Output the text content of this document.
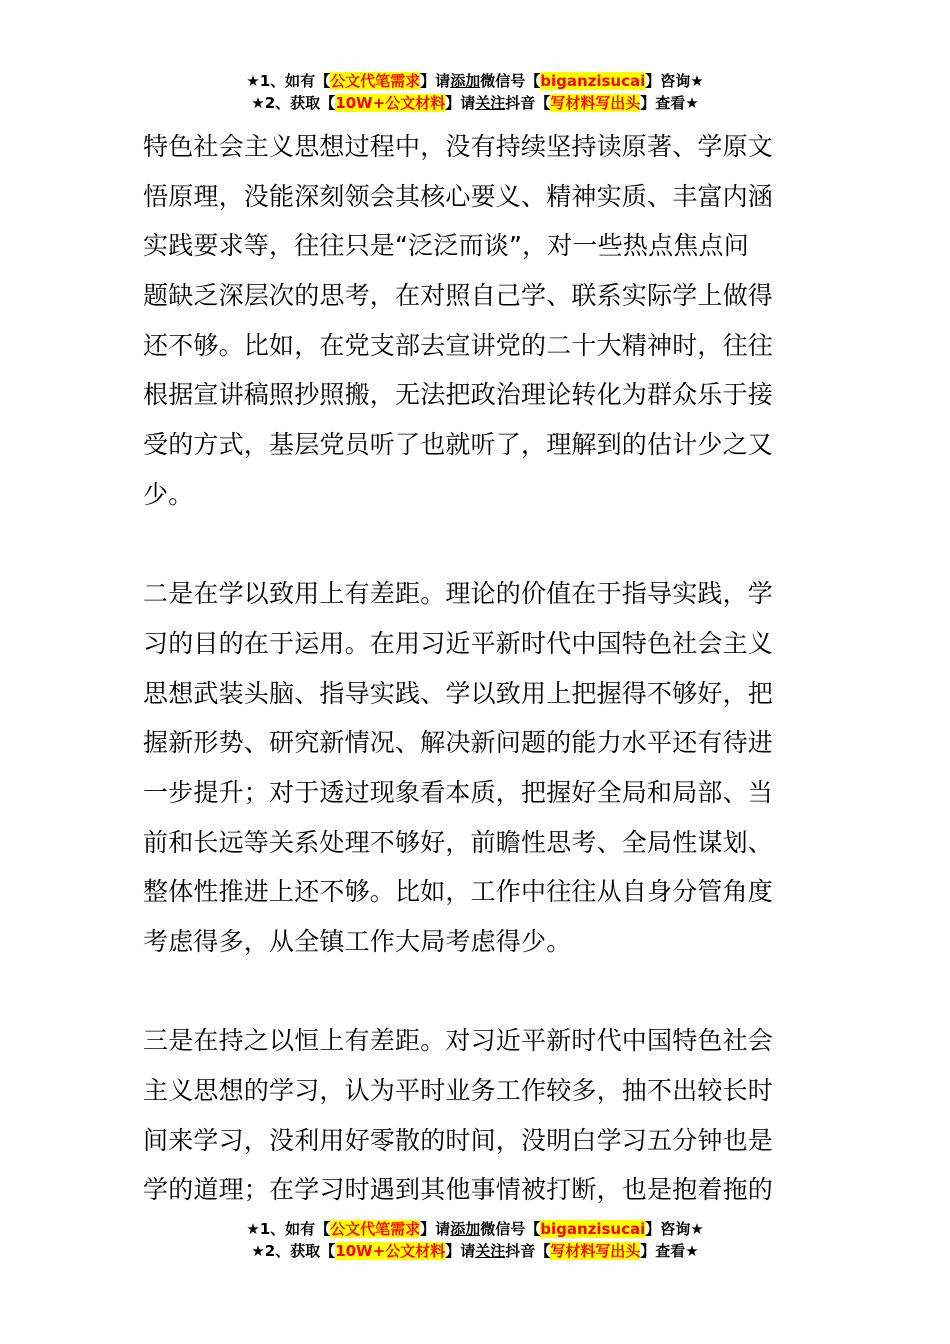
★1、如有【公文代笔需求】请添加微信号【biganzisucai】咨询★
★2、获取【10W+公文材料】请关注抖音【写材料写出头】查看★
特色社会主义思想过程中，没有持续坚持读原著、学原文
悟原理，没能深刻领会其核心要义、精神实质、丰富内涵
实践要求等，往往只是“泛泛而谈”，对一些热点焦点问
题缺乏深层次的思考，在对照自己学、联系实际学上做得
还不够。比如，在党支部去宣讲党的二十大精神时，往往
根据宣讲稿照抄照搬，无法把政治理论转化为群众乐于接
受的方式，基层党员听了也就听了，理解到的估计少之又
少。
二是在学以致用上有差距。理论的价值在于指导实践，学
习的目的在于运用。在用习近平新时代中国特色社会主义
思想武装头脑、指导实践、学以致用上把握得不够好，把
握新形势、研究新情况、解决新问题的能力水平还有待进
一步提升；对于透过现象看本质，把握好全局和局部、当
前和长远等关系处理不够好，前瞻性思考、全局性谋划、
整体性推进上还不够。比如，工作中往往从自身分管角度
考虑得多，从全镇工作大局考虑得少。
三是在持之以恒上有差距。对习近平新时代中国特色社会
主义思想的学习，认为平时业务工作较多，抽不出较长时
间来学习，没利用好零散的时间，没明白学习五分钟也是
学的道理；在学习时遇到其他事情被打断，也是抱着拖的
★1、如有【公文代笔需求】请添加微信号【biganzisucai】咨询★
★2、获取【10W+公文材料】请关注抖音【写材料写出头】查看★
